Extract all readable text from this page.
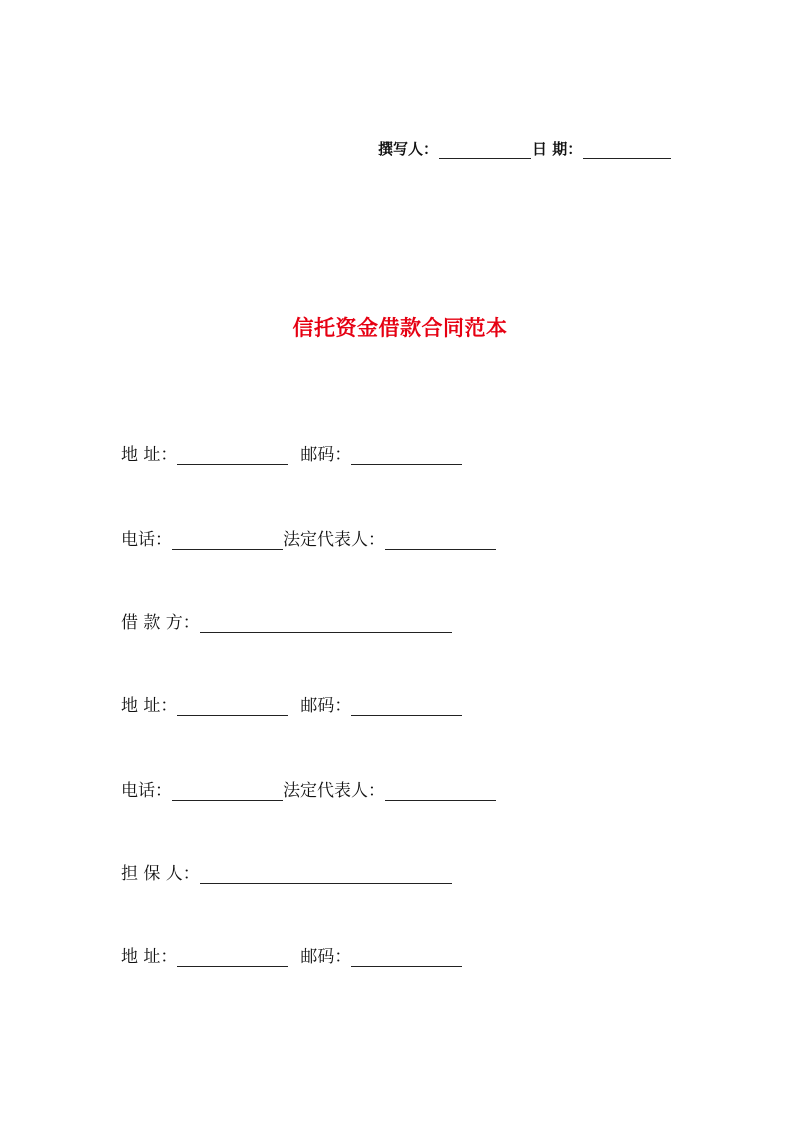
撰写人：	日 期：
信托资金借款合同范本
地 址：	邮码：
电话：	法定代表人：
借 款 方：
地 址：	邮码：
电话：	法定代表人：
担 保 人：
地 址：	邮码：
